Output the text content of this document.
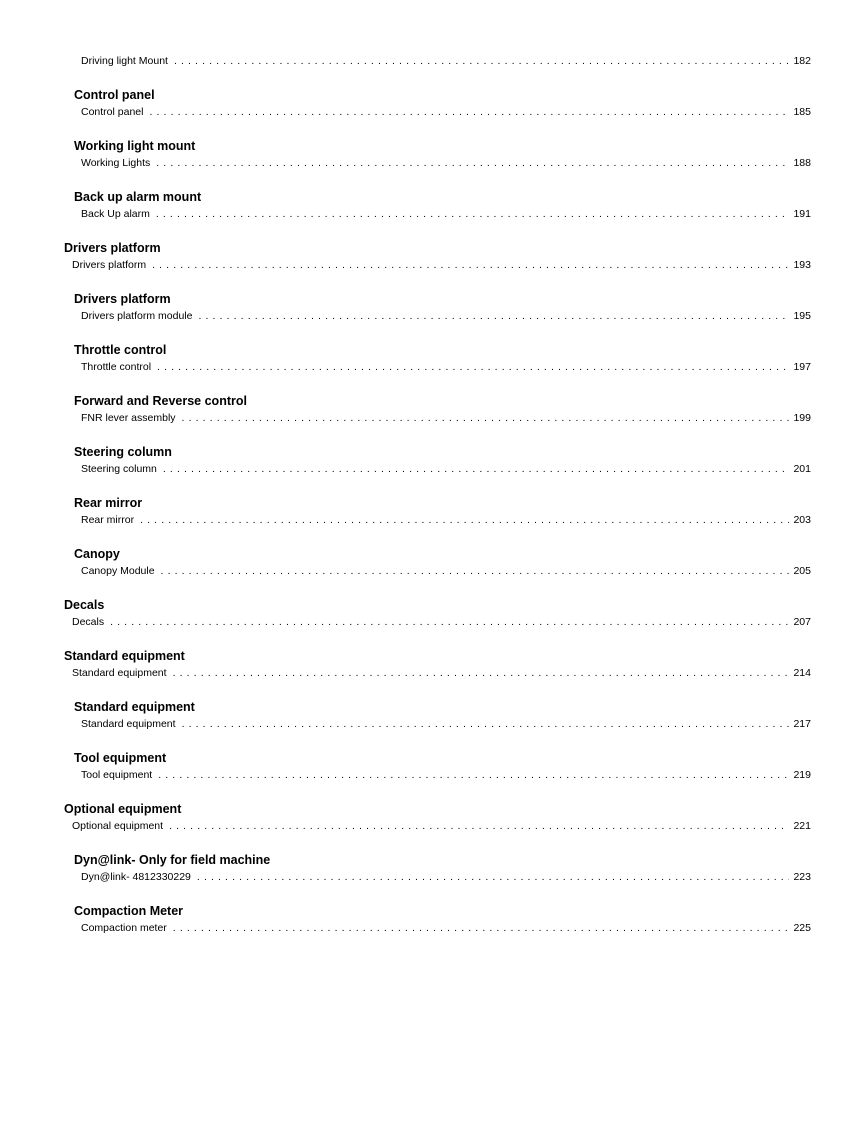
Driving light Mount . . .	182
Control panel
Control panel . . .	185
Working light mount
Working Lights . . .	188
Back up alarm mount
Back Up alarm . . .	191
Drivers platform
Drivers platform . . .	193
Drivers platform
Drivers platform module . . .	195
Throttle control
Throttle control . . .	197
Forward and Reverse control
FNR lever assembly . . .	199
Steering column
Steering column . . .	201
Rear mirror
Rear mirror . . .	203
Canopy
Canopy Module . . .	205
Decals
Decals . . .	207
Standard equipment
Standard equipment . . .	214
Standard equipment
Standard equipment . . .	217
Tool equipment
Tool equipment . . .	219
Optional equipment
Optional equipment . . .	221
Dyn@link- Only for field machine
Dyn@link- 4812330229 . . .	223
Compaction Meter
Compaction meter . . .	225
